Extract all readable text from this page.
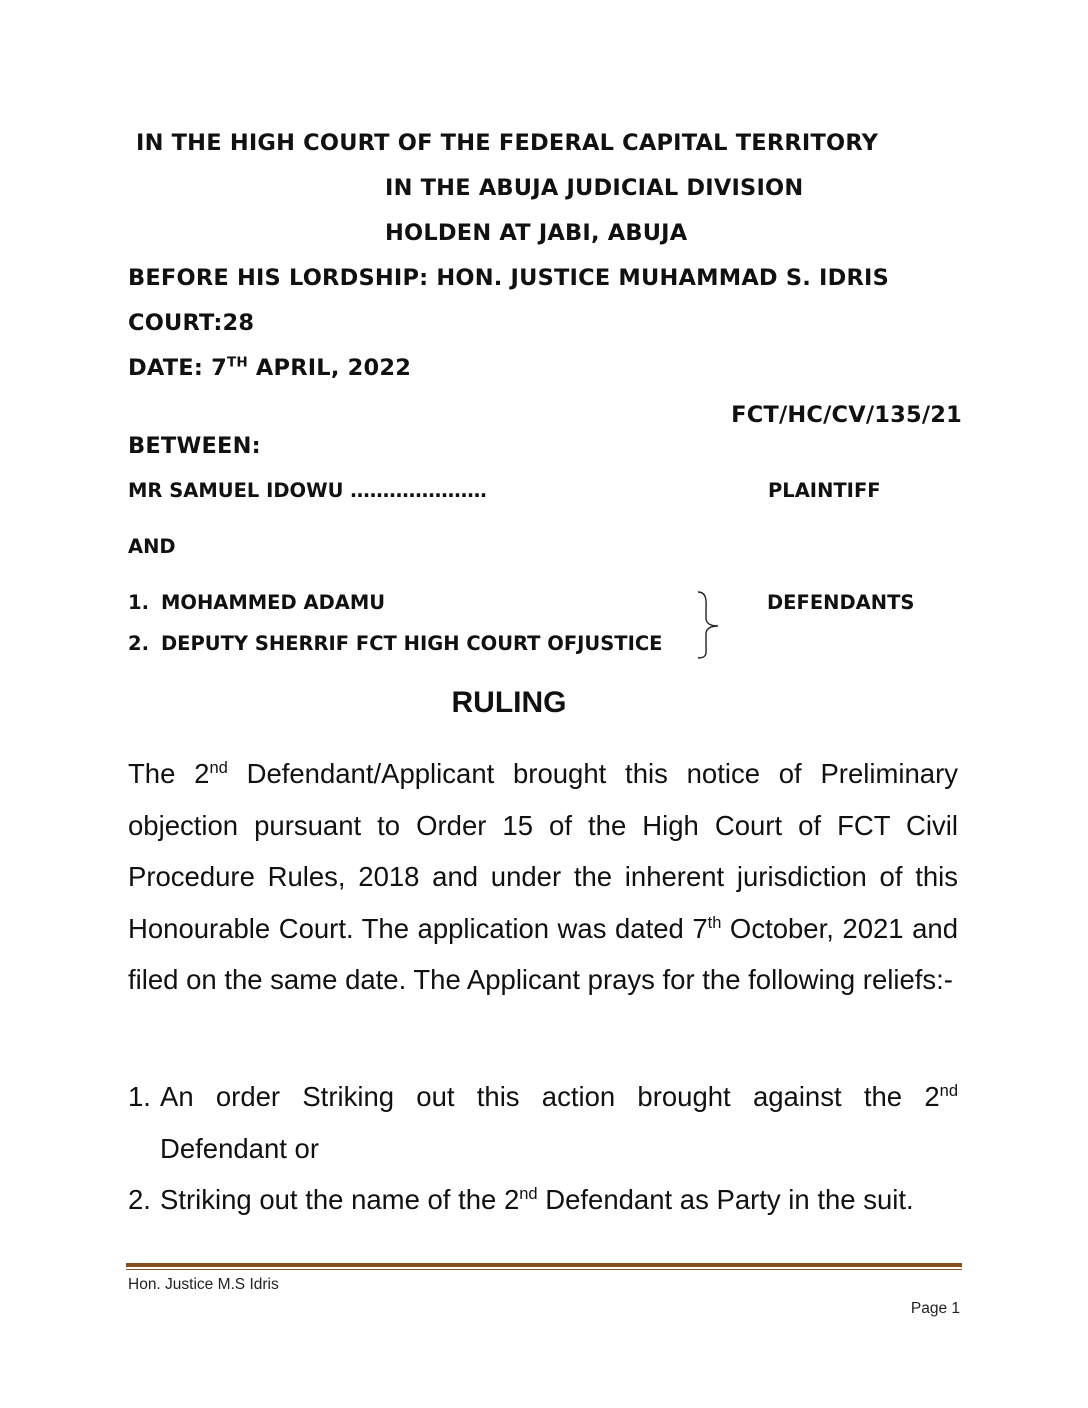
IN THE HIGH COURT OF THE FEDERAL CAPITAL TERRITORY
IN THE ABUJA JUDICIAL DIVISION
HOLDEN AT JABI, ABUJA
BEFORE HIS LORDSHIP: HON. JUSTICE MUHAMMAD S. IDRIS
COURT:28
DATE: 7TH APRIL, 2022
FCT/HC/CV/135/21
BETWEEN:
MR SAMUEL IDOWU …………………	PLAINTIFF
AND
1. MOHAMMED ADAMU
2. DEPUTY SHERRIF FCT HIGH COURT OFJUSTICE
DEFENDANTS
RULING
The 2nd Defendant/Applicant brought this notice of Preliminary objection pursuant to Order 15 of the High Court of FCT Civil Procedure Rules, 2018 and under the inherent jurisdiction of this Honourable Court. The application was dated 7th October, 2021 and filed on the same date. The Applicant prays for the following reliefs:-
1. An order Striking out this action brought against the 2nd Defendant or
2. Striking out the name of the 2nd Defendant as Party in the suit.
Hon. Justice M.S Idris
Page 1
